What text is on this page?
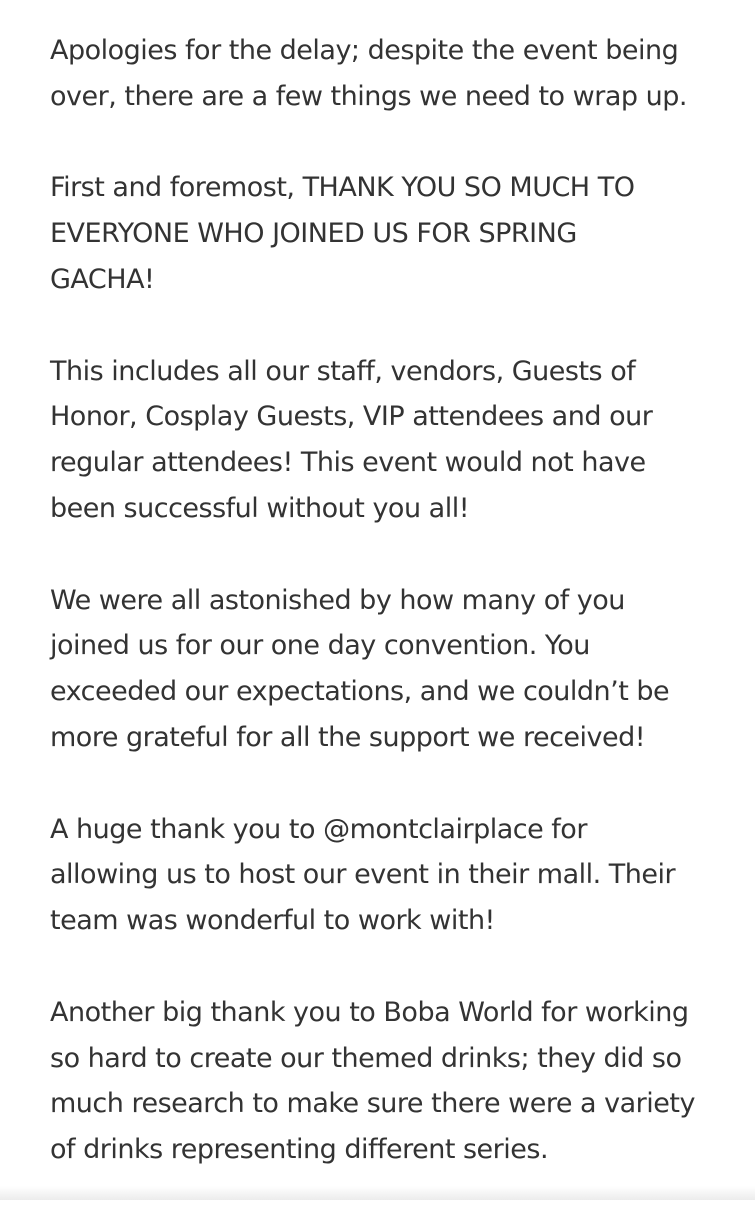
Apologies for the delay; despite the event being
over, there are a few things we need to wrap up.

First and foremost, THANK YOU SO MUCH TO
EVERYONE WHO JOINED US FOR SPRING
GACHA!

This includes all our staff, vendors, Guests of
Honor, Cosplay Guests, VIP attendees and our
regular attendees! This event would not have
been successful without you all!

We were all astonished by how many of you
joined us for our one day convention. You
exceeded our expectations, and we couldn’t be
more grateful for all the support we received!

A huge thank you to @montclairplace for
allowing us to host our event in their mall. Their
team was wonderful to work with!

Another big thank you to Boba World for working
so hard to create our themed drinks; they did so
much research to make sure there were a variety
of drinks representing different series.
